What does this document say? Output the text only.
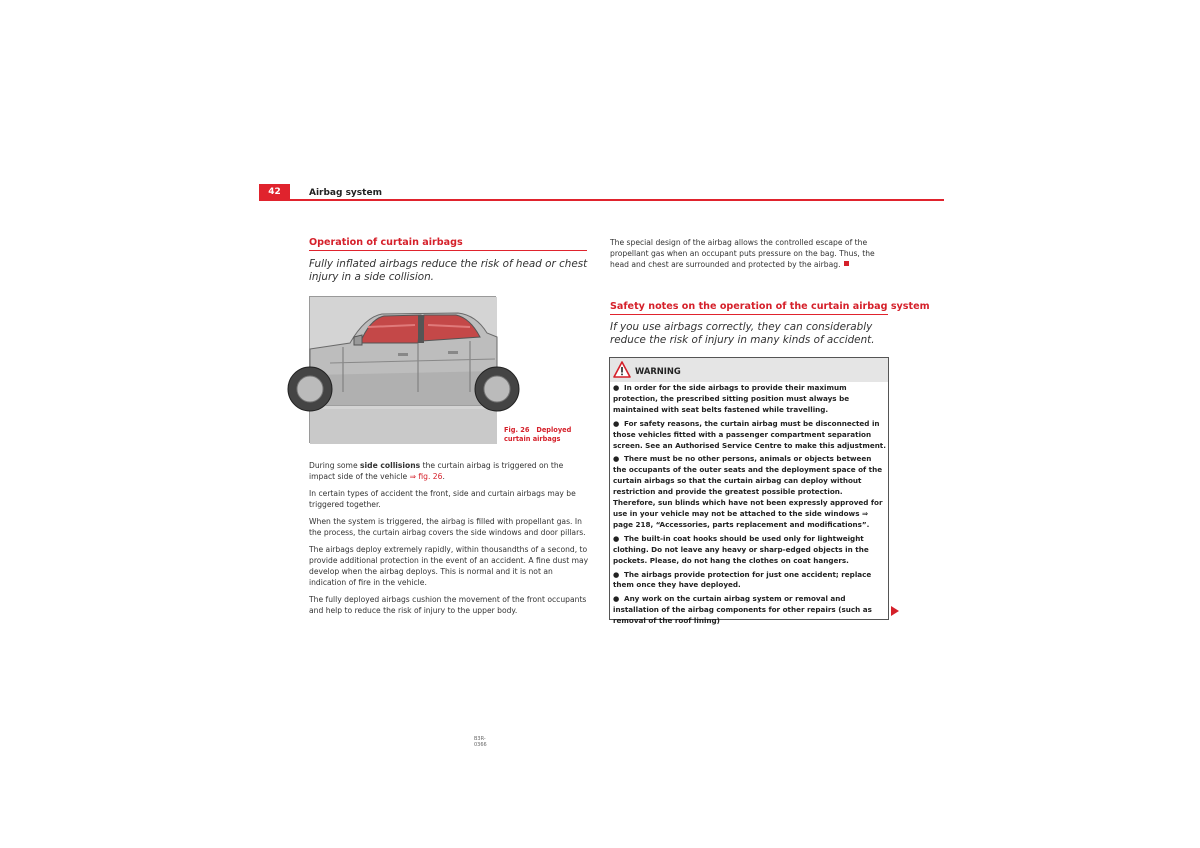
42	Airbag system
Operation of curtain airbags
Fully inflated airbags reduce the risk of head or chest injury in a side collision.
B3R-0366
Fig. 26 Deployed curtain airbags
During some side collisions the curtain airbag is triggered on the impact side of the vehicle ⇒ fig. 26.
In certain types of accident the front, side and curtain airbags may be triggered together.
When the system is triggered, the airbag is filled with propellant gas. In the process, the curtain airbag covers the side windows and door pillars.
The airbags deploy extremely rapidly, within thousandths of a second, to provide additional protection in the event of an accident. A fine dust may develop when the airbag deploys. This is normal and it is not an indication of fire in the vehicle.
The fully deployed airbags cushion the movement of the front occupants and help to reduce the risk of injury to the upper body.
The special design of the airbag allows the controlled escape of the propellant gas when an occupant puts pressure on the bag. Thus, the head and chest are surrounded and protected by the airbag.
Safety notes on the operation of the curtain airbag system
If you use airbags correctly, they can considerably reduce the risk of injury in many kinds of accident.
WARNING
● In order for the side airbags to provide their maximum protection, the prescribed sitting position must always be maintained with seat belts fastened while travelling.
● For safety reasons, the curtain airbag must be disconnected in those vehicles fitted with a passenger compartment separation screen. See an Authorised Service Centre to make this adjustment.
● There must be no other persons, animals or objects between the occupants of the outer seats and the deployment space of the curtain airbags so that the curtain airbag can deploy without restriction and provide the greatest possible protection. Therefore, sun blinds which have not been expressly approved for use in your vehicle may not be attached to the side windows ⇒ page 218, “Accessories, parts replacement and modifications”.
● The built-in coat hooks should be used only for lightweight clothing. Do not leave any heavy or sharp-edged objects in the pockets. Please, do not hang the clothes on coat hangers.
● The airbags provide protection for just one accident; replace them once they have deployed.
● Any work on the curtain airbag system or removal and installation of the airbag components for other repairs (such as removal of the roof lining)
